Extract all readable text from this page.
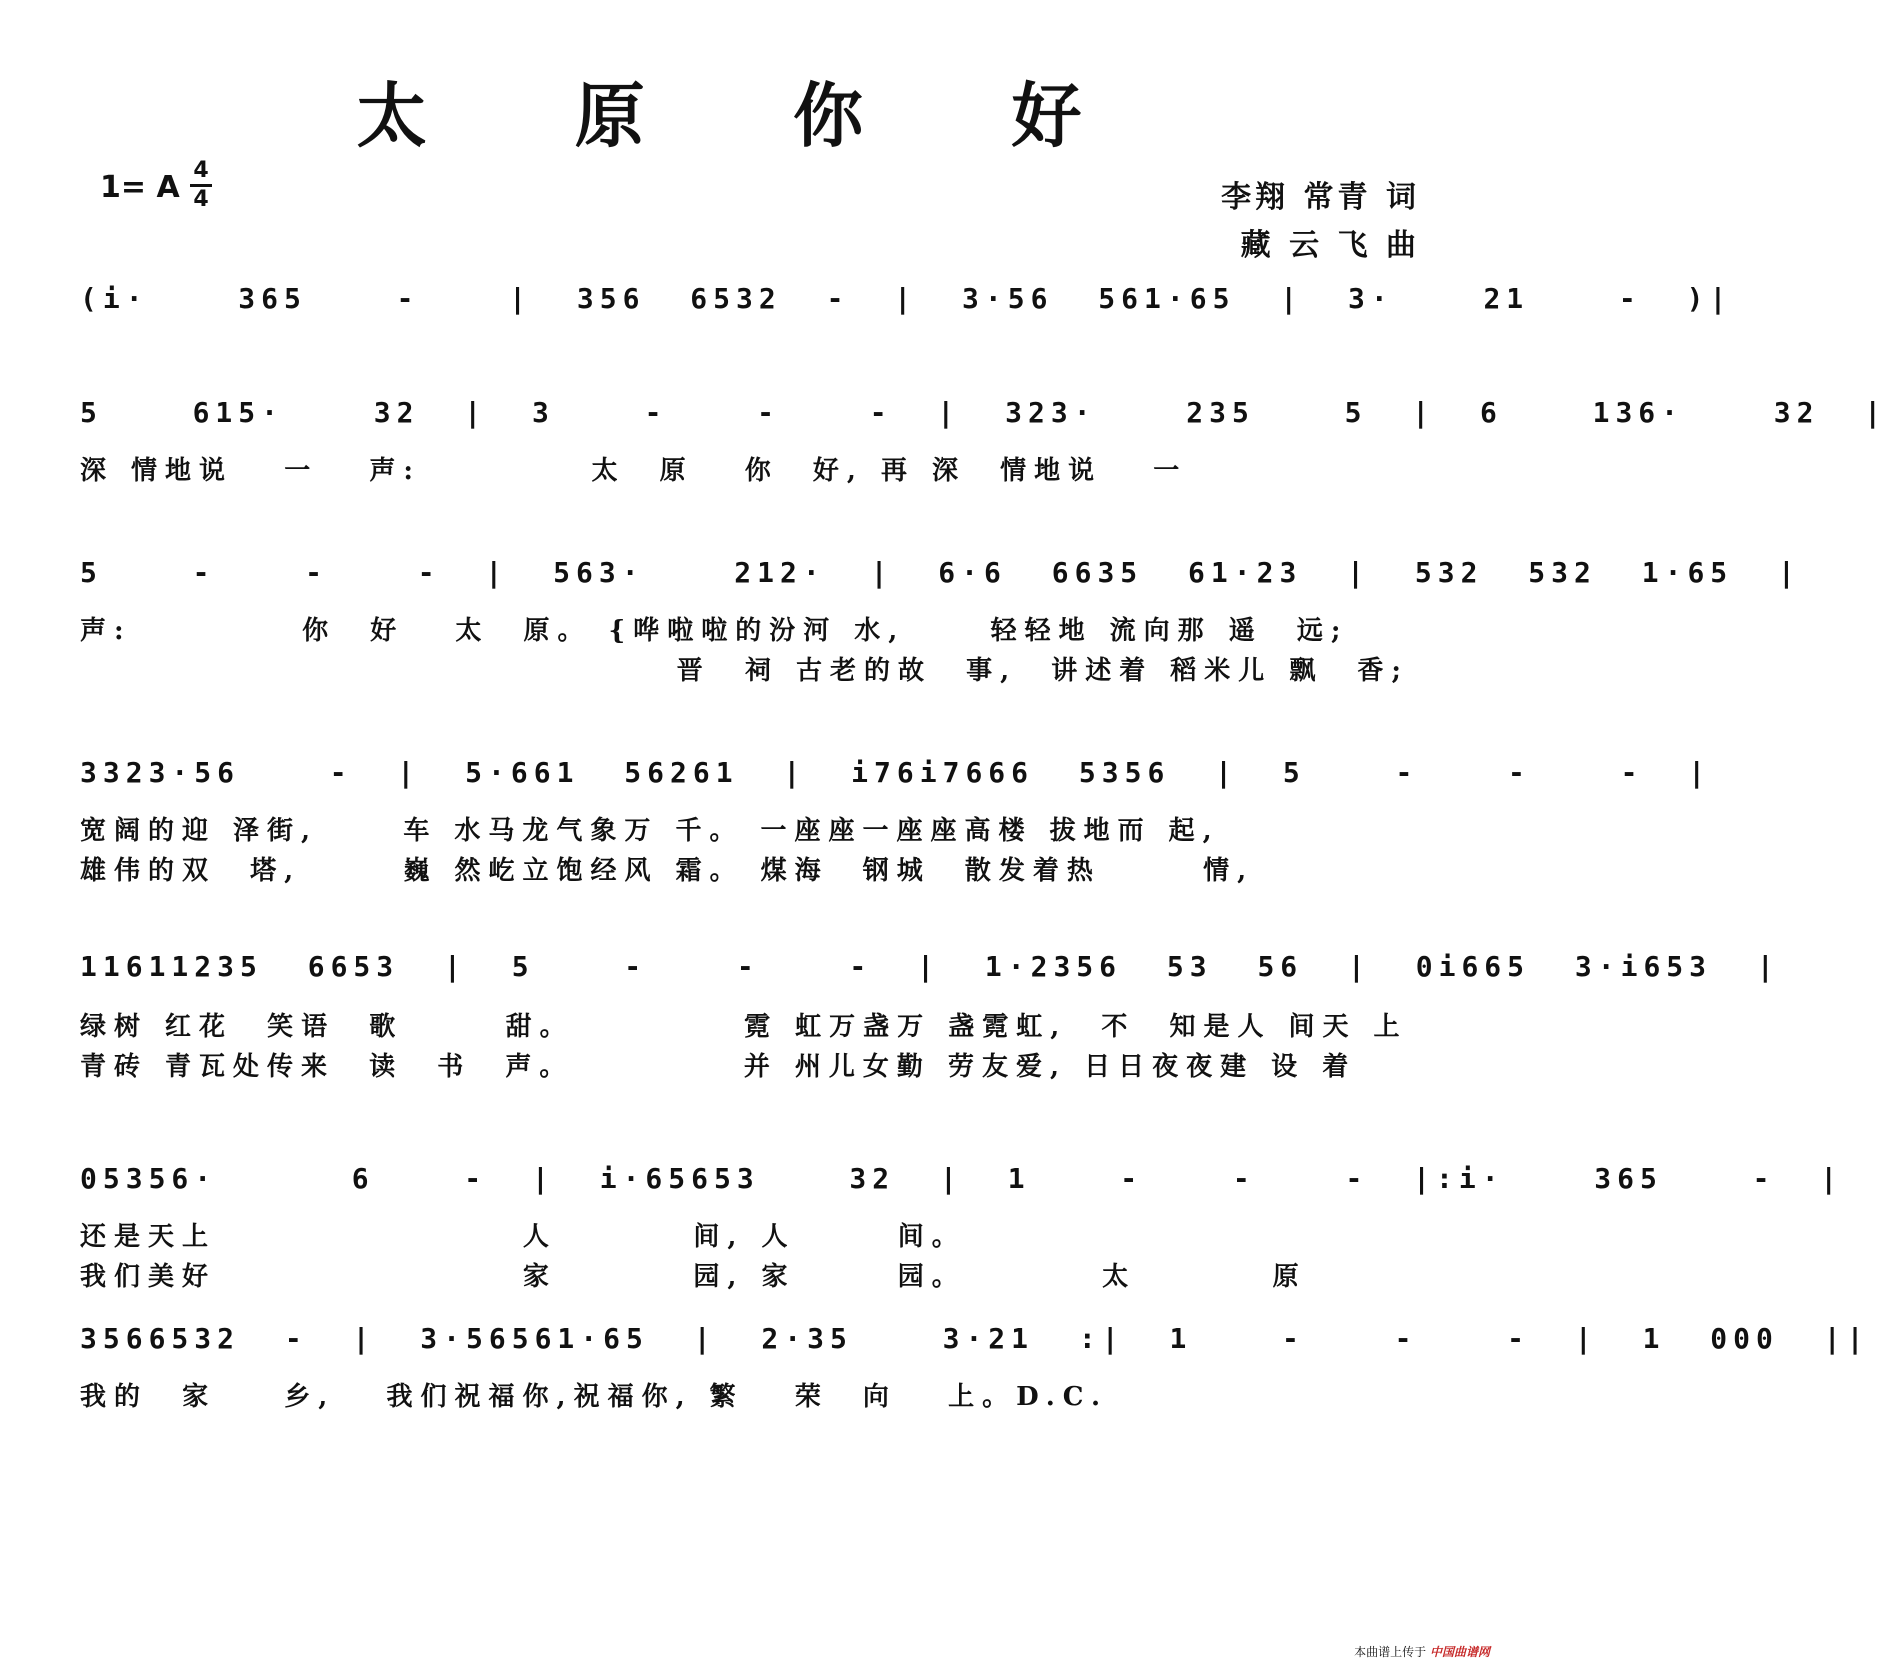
太 原 你 好
1= A 4
4	李翔 常青 词
藏 云 飞 曲
(i·  365  -  | 356 6532 - | 3·56 561·65 | 3·  21  - )|
5  615·  32 | 3  -  -  - | 323·  235  5 | 6  136·  32 |
深 情地说   一   声:          太  原   你  好, 再 深  情地说   一
5  -  -  - | 563·  212· | 6·6 6635 61·23 | 532 532 1·65 |
声:          你  好   太  原。 {哗啦啦的汾河 水,     轻轻地 流向那 遥  远;
晋  祠 古老的故  事,  讲述着 稻米儿 飘  香;
3323·56  - | 5·661 56261 | i76i7666 5356 | 5  -  -  - |
宽阔的迎 泽街,     车 水马龙气象万 千。 一座座一座座高楼 拔地而 起,
雄伟的双  塔,      巍 然屹立饱经风 霜。 煤海  钢城  散发着热      情,
11611235 6653 | 5  -  -  - | 1·2356 53 56 | 0i665 3·i653 |
绿树 红花  笑语  歌      甜。          霓 虹万盏万 盏霓虹,  不  知是人 间天 上
青砖 青瓦处传来  读  书  声。          并 州儿女勤 劳友爱, 日日夜夜建 设 着
05356·   6  - | i·65653  32 | 1  -  -  - |:i·  365  - |
还是天上                  人        间, 人      间。
我们美好                  家        园, 家      园。        太        原
3566532 - | 3·56561·65 | 2·35  3·21 :| 1  -  -  - | 1 000 ||
我的  家    乡,   我们祝福你,祝福你, 繁   荣  向   上。D.C.
本曲谱上传于 中国曲谱网
